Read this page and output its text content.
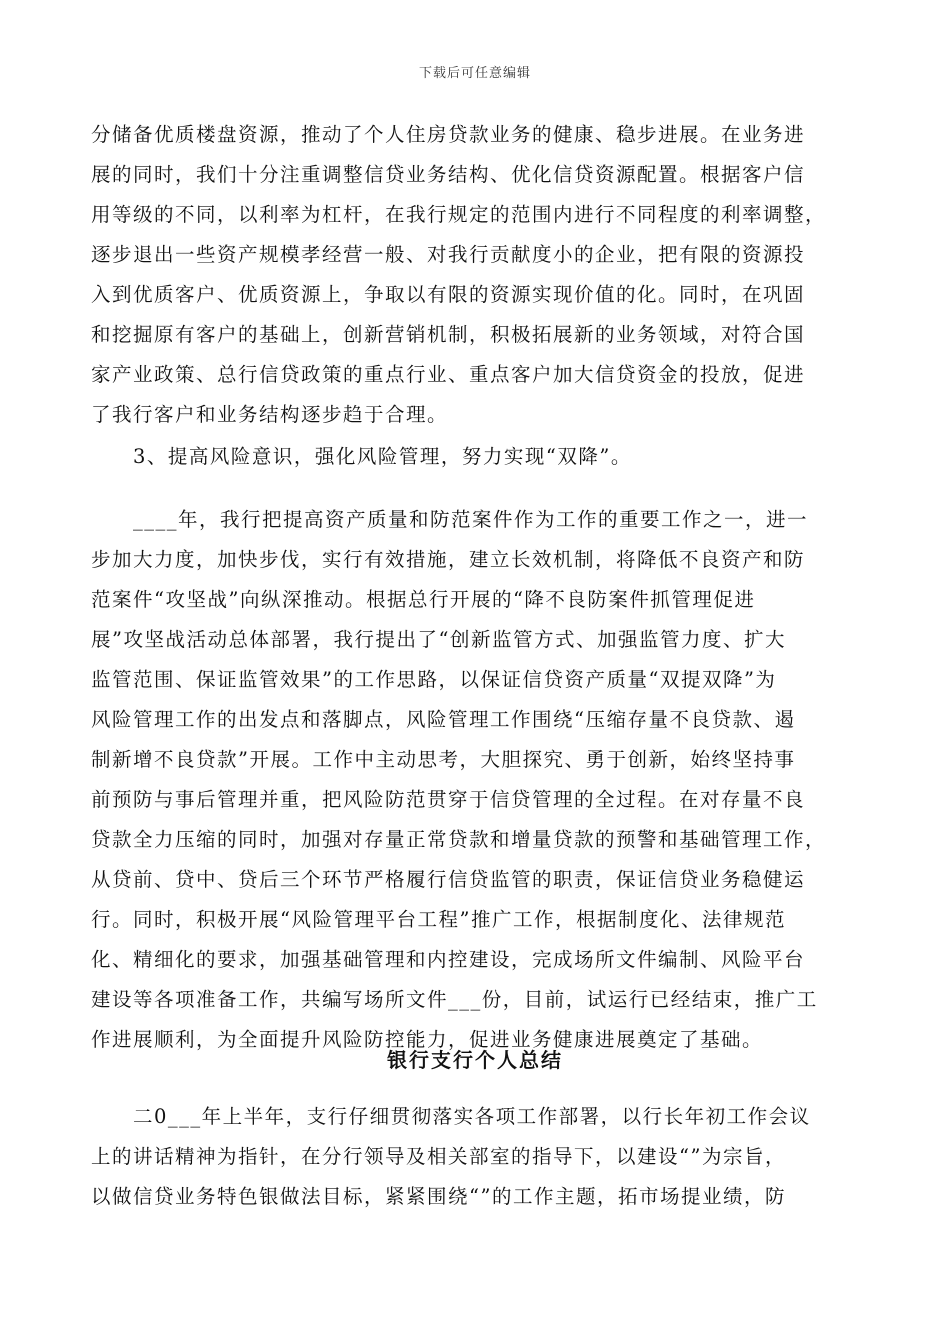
下载后可任意编辑
分储备优质楼盘资源，推动了个人住房贷款业务的健康、稳步进展。在业务进
展的同时，我们十分注重调整信贷业务结构、优化信贷资源配置。根据客户信
用等级的不同，以利率为杠杆，在我行规定的范围内进行不同程度的利率调整，
逐步退出一些资产规模孝经营一般、对我行贡献度小的企业，把有限的资源投
入到优质客户、优质资源上，争取以有限的资源实现价值的化。同时，在巩固
和挖掘原有客户的基础上，创新营销机制，积极拓展新的业务领域，对符合国
家产业政策、总行信贷政策的重点行业、重点客户加大信贷资金的投放，促进
了我行客户和业务结构逐步趋于合理。
　　3、提高风险意识，强化风险管理，努力实现“双降”。
　　____年，我行把提高资产质量和防范案件作为工作的重要工作之一，进一
步加大力度，加快步伐，实行有效措施，建立长效机制，将降低不良资产和防
范案件“攻坚战”向纵深推动。根据总行开展的“降不良防案件抓管理促进
展”攻坚战活动总体部署，我行提出了“创新监管方式、加强监管力度、扩大
监管范围、保证监管效果”的工作思路，以保证信贷资产质量“双提双降”为
风险管理工作的出发点和落脚点，风险管理工作围绕“压缩存量不良贷款、遏
制新增不良贷款”开展。工作中主动思考，大胆探究、勇于创新，始终坚持事
前预防与事后管理并重，把风险防范贯穿于信贷管理的全过程。在对存量不良
贷款全力压缩的同时，加强对存量正常贷款和增量贷款的预警和基础管理工作，
从贷前、贷中、贷后三个环节严格履行信贷监管的职责，保证信贷业务稳健运
行。同时，积极开展“风险管理平台工程”推广工作，根据制度化、法律规范
化、精细化的要求，加强基础管理和内控建设，完成场所文件编制、风险平台
建设等各项准备工作，共编写场所文件___份，目前，试运行已经结束，推广工
作进展顺利，为全面提升风险防控能力，促进业务健康进展奠定了基础。
银行支行个人总结
　　二0___年上半年，支行仔细贯彻落实各项工作部署，以行长年初工作会议
上的讲话精神为指针，在分行领导及相关部室的指导下，以建设“”为宗旨，
以做信贷业务特色银做法目标，紧紧围绕“”的工作主题，拓市场提业绩，防
